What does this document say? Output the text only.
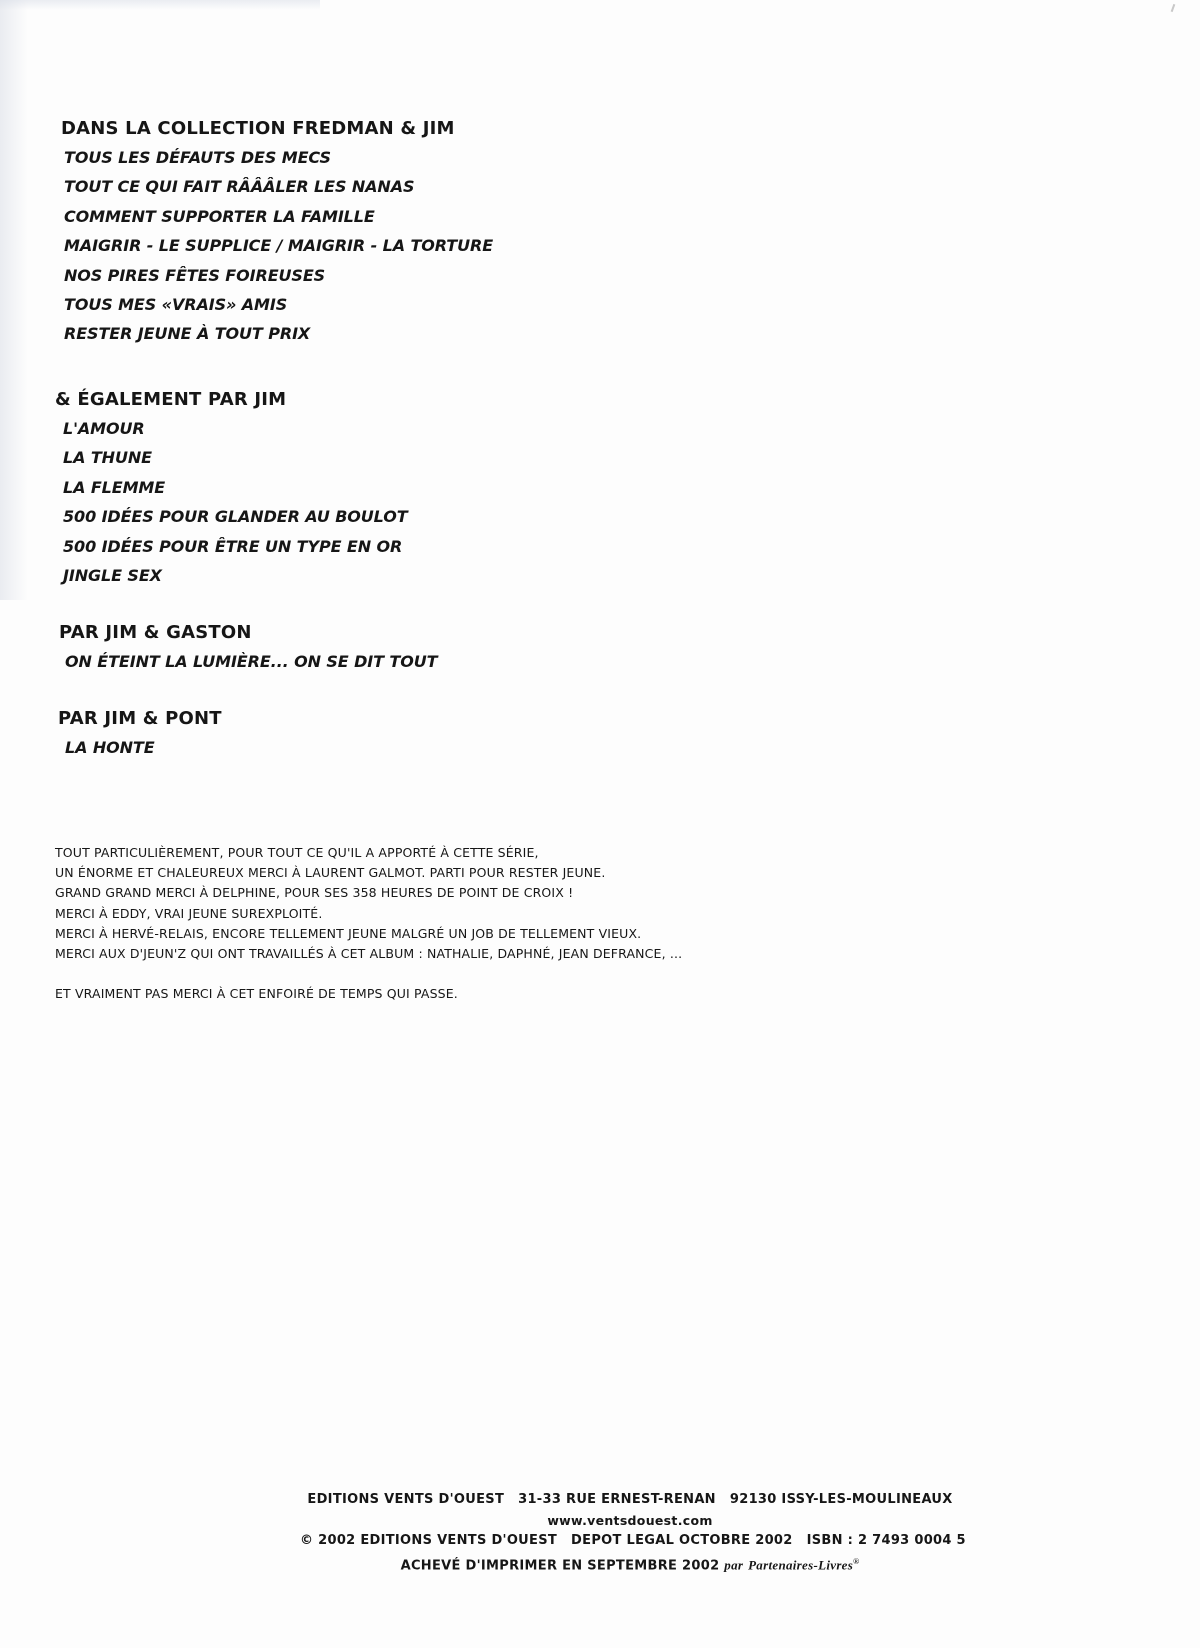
DANS LA COLLECTION FREDMAN & JIM
TOUS LES DÉFAUTS DES MECS
TOUT CE QUI FAIT RÂÂÂLER LES NANAS
COMMENT SUPPORTER LA FAMILLE
MAIGRIR - LE SUPPLICE / MAIGRIR - LA TORTURE
NOS PIRES FÊTES FOIREUSES
TOUS MES «VRAIS» AMIS
RESTER JEUNE À TOUT PRIX
& ÉGALEMENT PAR JIM
L'AMOUR
LA THUNE
LA FLEMME
500 IDÉES POUR GLANDER AU BOULOT
500 IDÉES POUR ÊTRE UN TYPE EN OR
JINGLE SEX
PAR JIM & GASTON
ON ÉTEINT LA LUMIÈRE... ON SE DIT TOUT
PAR JIM & PONT
LA HONTE
TOUT PARTICULIÈREMENT, POUR TOUT CE QU'IL A APPORTÉ À CETTE SÉRIE,
UN ÉNORME ET CHALEUREUX MERCI À LAURENT GALMOT. PARTI POUR RESTER JEUNE.
GRAND GRAND MERCI À DELPHINE, POUR SES 358 HEURES DE POINT DE CROIX !
MERCI À EDDY, VRAI JEUNE SUREXPLOITÉ.
MERCI À HERVÉ-RELAIS, ENCORE TELLEMENT JEUNE MALGRÉ UN JOB DE TELLEMENT VIEUX.
MERCI AUX D'JEUN'Z QUI ONT TRAVAILLÉS À CET ALBUM : NATHALIE, DAPHNÉ, JEAN DEFRANCE, ...
ET VRAIMENT PAS MERCI À CET ENFOIRÉ DE TEMPS QUI PASSE.
EDITIONS VENTS D'OUEST 31-33 RUE ERNEST-RENAN 92130 ISSY-LES-MOULINEAUX
www.ventsdouest.com
© 2002 EDITIONS VENTS D'OUEST DEPOT LEGAL OCTOBRE 2002 ISBN : 2 7493 0004 5
ACHEVÉ D'IMPRIMER EN SEPTEMBRE 2002 par Partenaires-Livres®
